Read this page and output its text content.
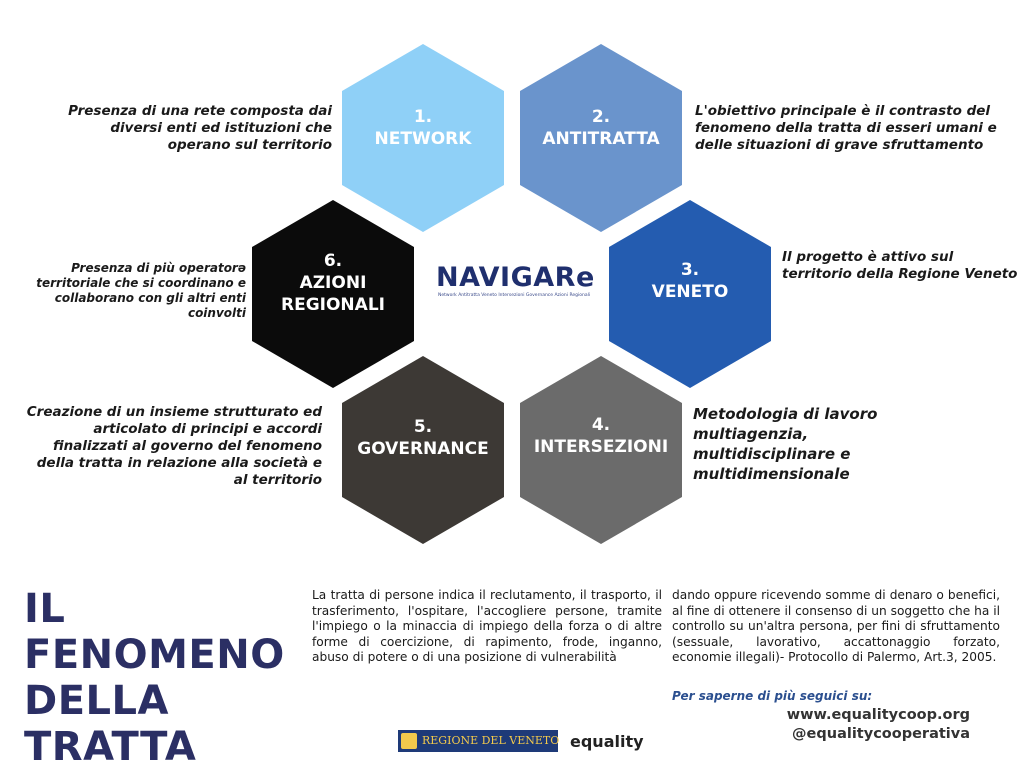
1.
NETWORK
2.
ANTITRATTA
3.
VENETO
4.
INTERSEZIONI
5.
GOVERNANCE
6.
AZIONI
REGIONALI
Presenza di una rete composta dai diversi enti ed istituzioni che operano sul territorio
L'obiettivo principale è il contrasto del fenomeno della tratta di esseri umani e delle situazioni di grave sfruttamento
Il progetto è attivo sul territorio della Regione Veneto
Metodologia di lavoro multiagenzia, multidisciplinare e multidimensionale
Creazione di un insieme strutturato ed articolato di principi e accordi finalizzati al governo del fenomeno della tratta in relazione alla società e al territorio
Presenza di più operatorə territoriale che si coordinano e collaborano con gli altri enti coinvolti
NAVIGARe
Network Antitratta Veneto Intersezioni Governance Azioni Regionali
IL FENOMENO DELLA TRATTA
La tratta di persone indica il reclutamento, il trasporto, il trasferimento, l'ospitare, l'accogliere persone, tramite l'impiego o la minaccia di impiego della forza o di altre forme di coercizione, di rapimento, frode, inganno, abuso di potere o di una posizione di vulnerabilità
dando oppure ricevendo somme di denaro o benefici, al fine di ottenere il consenso di un soggetto che ha il controllo su un'altra persona, per fini di sfruttamento (sessuale, lavorativo, accattonaggio forzato, economie illegali)- Protocollo di Palermo, Art.3, 2005.
Per saperne di più seguici su:
www.equalitycoop.org
@equalitycooperativa
REGIONE DEL VENETO equality
